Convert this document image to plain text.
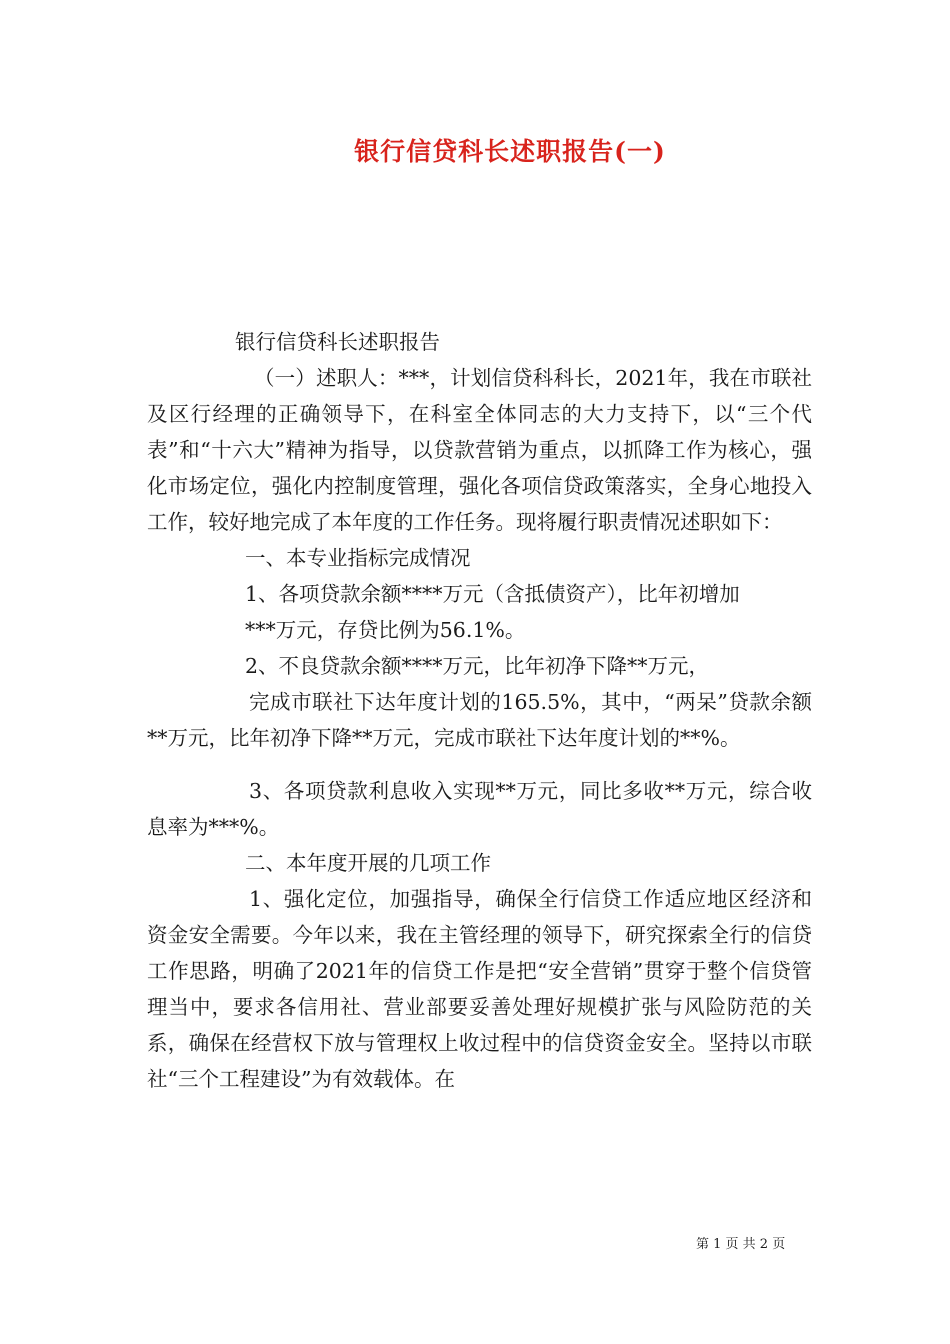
银行信贷科长述职报告(一)

银行信贷科长述职报告

（一）述职人：***，计划信贷科科长，2021年，我在市联社及区行经理的正确领导下，在科室全体同志的大力支持下，以“三个代表”和“十六大”精神为指导，以贷款营销为重点，以抓降工作为核心，强化市场定位，强化内控制度管理，强化各项信贷政策落实，全身心地投入工作，较好地完成了本年度的工作任务。现将履行职责情况述职如下：

一、本专业指标完成情况

1、各项贷款余额****万元（含抵债资产），比年初增加

***万元，存贷比例为56.1%。

2、不良贷款余额****万元，比年初净下降**万元，

完成市联社下达年度计划的165.5%，其中，“两呆”贷款余额**万元，比年初净下降**万元，完成市联社下达年度计划的**%。

3、各项贷款利息收入实现**万元，同比多收**万元，综合收息率为***%。

二、本年度开展的几项工作

1、强化定位，加强指导，确保全行信贷工作适应地区经济和资金安全需要。今年以来，我在主管经理的领导下，研究探索全行的信贷工作思路，明确了2021年的信贷工作是把“安全营销”贯穿于整个信贷管理当中，要求各信用社、营业部要妥善处理好规模扩张与风险防范的关系，确保在经营权下放与管理权上收过程中的信贷资金安全。坚持以市联社“三个工程建设”为有效载体。在

第 1 页 共 2 页
